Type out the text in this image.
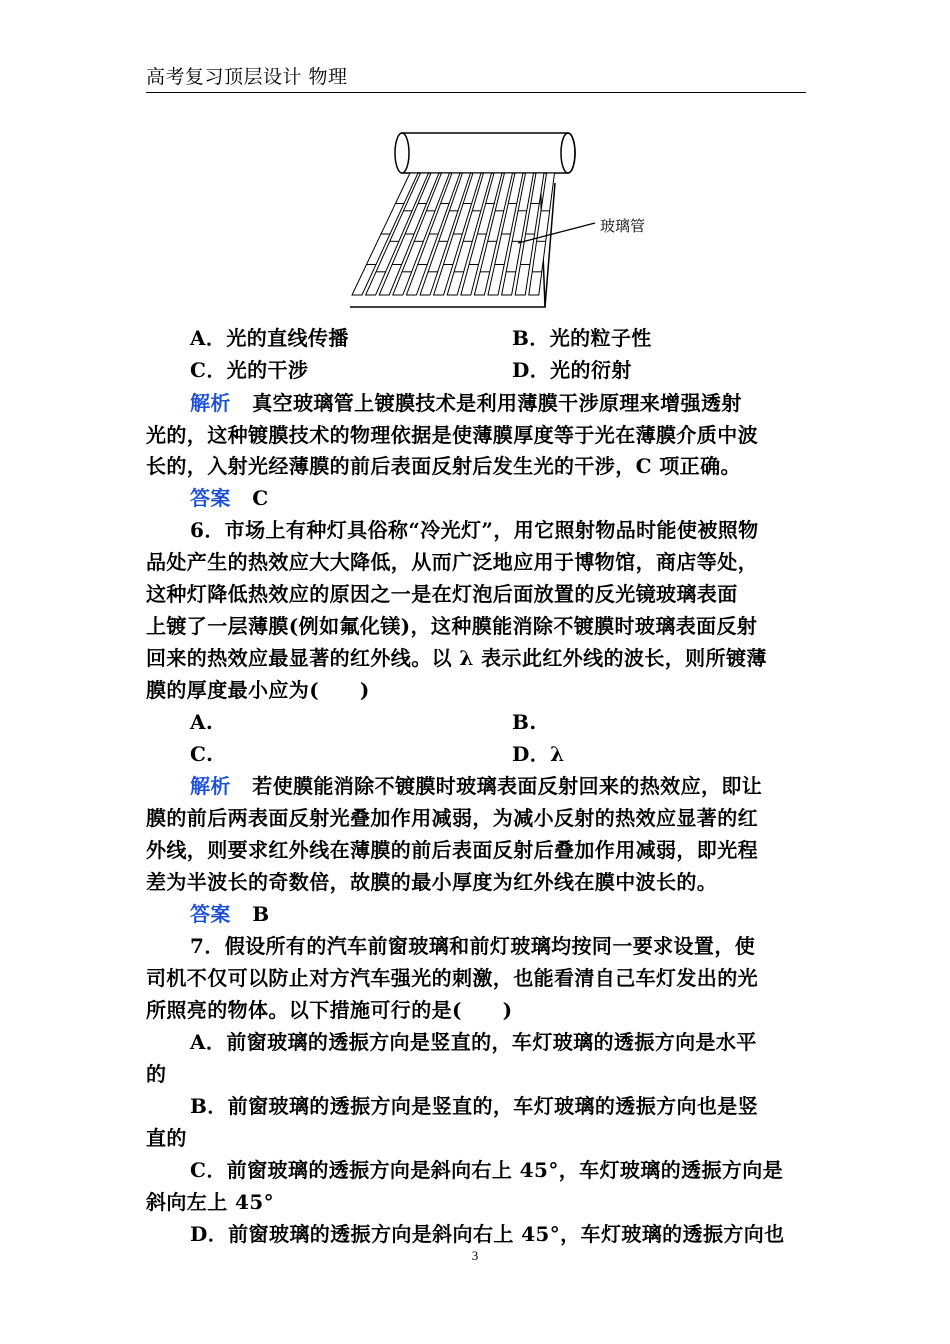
高考复习顶层设计 物理
玻璃管
A．光的直线传播	B．光的粒子性
C．光的干涉	D．光的衍射
解析 真空玻璃管上镀膜技术是利用薄膜干涉原理来增强透射
光的，这种镀膜技术的物理依据是使薄膜厚度等于光在薄膜介质中波
长的，入射光经薄膜的前后表面反射后发生光的干涉，C 项正确。
答案 C
6．市场上有种灯具俗称“冷光灯”，用它照射物品时能使被照物
品处产生的热效应大大降低，从而广泛地应用于博物馆，商店等处，
这种灯降低热效应的原因之一是在灯泡后面放置的反光镜玻璃表面
上镀了一层薄膜(例如氟化镁)，这种膜能消除不镀膜时玻璃表面反射
回来的热效应最显著的红外线。以 λ 表示此红外线的波长，则所镀薄
膜的厚度最小应为(　　)
A.	B.
C.	D．λ
解析 若使膜能消除不镀膜时玻璃表面反射回来的热效应，即让
膜的前后两表面反射光叠加作用减弱，为减小反射的热效应显著的红
外线，则要求红外线在薄膜的前后表面反射后叠加作用减弱，即光程
差为半波长的奇数倍，故膜的最小厚度为红外线在膜中波长的。
答案 B
7．假设所有的汽车前窗玻璃和前灯玻璃均按同一要求设置，使
司机不仅可以防止对方汽车强光的刺激，也能看清自己车灯发出的光
所照亮的物体。以下措施可行的是(　　)
A．前窗玻璃的透振方向是竖直的，车灯玻璃的透振方向是水平
的
B．前窗玻璃的透振方向是竖直的，车灯玻璃的透振方向也是竖
直的
C．前窗玻璃的透振方向是斜向右上 45°，车灯玻璃的透振方向是
斜向左上 45°
D．前窗玻璃的透振方向是斜向右上 45°，车灯玻璃的透振方向也
3
